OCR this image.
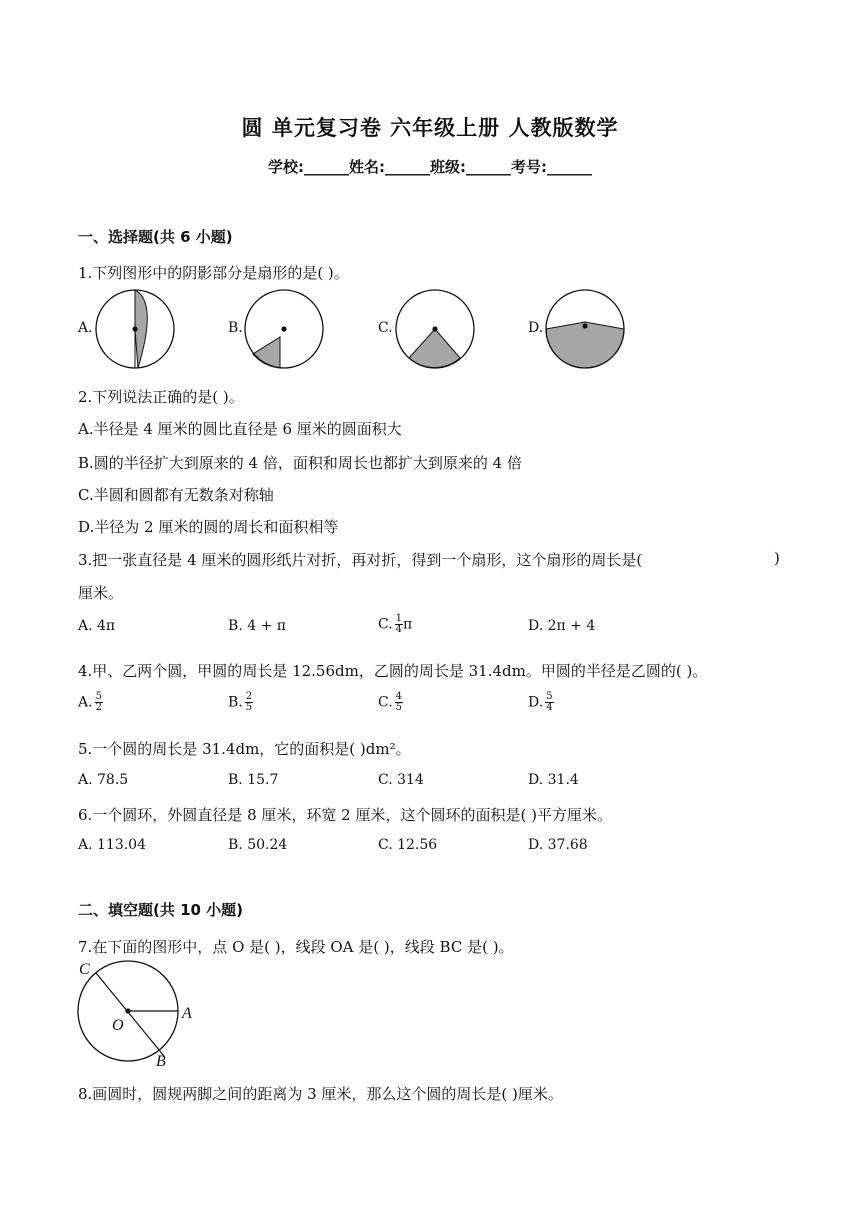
圆 单元复习卷 六年级上册 人教版数学
学校:______姓名:______班级:______考号:______
一、选择题(共 6 小题)
1.下列图形中的阴影部分是扇形的是( )。
A.	B.	C.	D.
2.下列说法正确的是( )。
A.半径是 4 厘米的圆比直径是 6 厘米的圆面积大
B.圆的半径扩大到原来的 4 倍，面积和周长也都扩大到原来的 4 倍
C.半圆和圆都有无数条对称轴
D.半径为 2 厘米的圆的周长和面积相等
3.把一张直径是 4 厘米的圆形纸片对折，再对折，得到一个扇形，这个扇形的周长是(	)
厘米。
A. 4π	B. 4 + π	C. $\frac{1}{4}$ π	D. 2π + 4
4.甲、乙两个圆，甲圆的周长是 12.56dm，乙圆的周长是 31.4dm。甲圆的半径是乙圆的( )。
A. $\frac{5}{2}$	B. $\frac{2}{5}$	C. $\frac{4}{5}$	D. $\frac{5}{4}$
5.一个圆的周长是 31.4dm，它的面积是( )dm²。
A. 78.5	B. 15.7	C. 314	D. 31.4
6.一个圆环，外圆直径是 8 厘米，环宽 2 厘米，这个圆环的面积是( )平方厘米。
A. 113.04	B. 50.24	C. 12.56	D. 37.68
二、填空题(共 10 小题)
7.在下面的图形中，点 O 是( )，线段 OA 是( )，线段 BC 是( )。
C
O
A
B
8.画圆时，圆规两脚之间的距离为 3 厘米，那么这个圆的周长是( )厘米。
